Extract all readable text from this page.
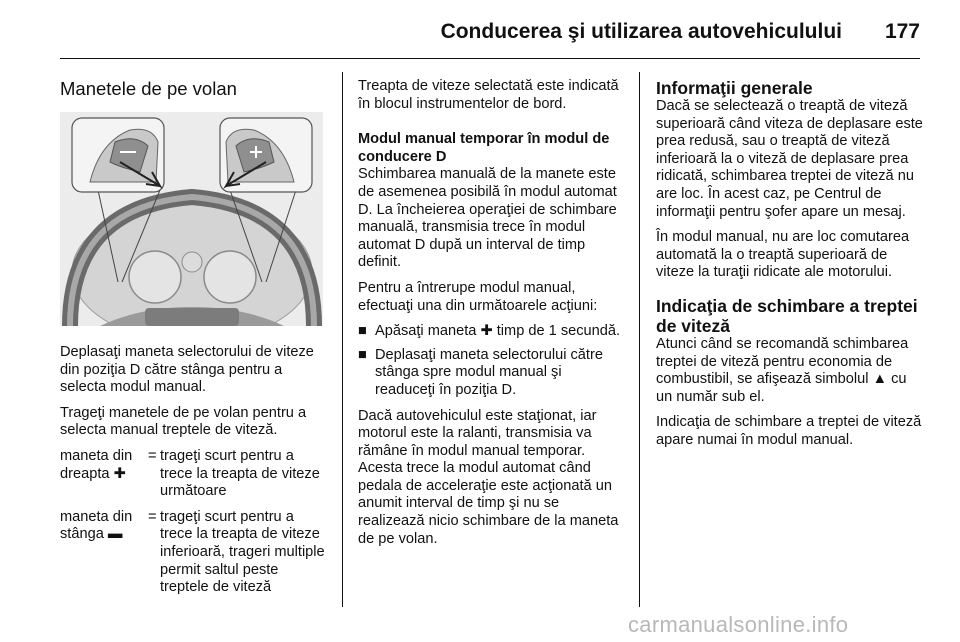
Conducerea şi utilizarea autovehiculului 177
Manetele de pe volan

Deplasaţi maneta selectorului de viteze din poziţia D către stânga pentru a selecta modul manual.

Trageţi manetele de pe volan pentru a selecta manual treptele de viteză.

maneta din dreapta ✚
= trageţi scurt pentru a trece la treapta de viteze următoare
maneta din stânga ▬
= trageţi scurt pentru a trece la treapta de viteze inferioară, trageri multiple permit saltul peste treptele de viteză

Treapta de viteze selectată este indicată în blocul instrumentelor de bord.

Modul manual temporar în modul de conducere D

Schimbarea manuală de la manete este de asemenea posibilă în modul automat D. La încheierea operaţiei de schimbare manuală, transmisia trece în modul automat D după un interval de timp definit.

Pentru a întrerupe modul manual, efectuaţi una din următoarele acţiuni:

■ Apăsaţi maneta ✚ timp de 1 secundă.
■ Deplasaţi maneta selectorului către stânga spre modul manual şi readuceţi în poziţia D.

Dacă autovehiculul este staţionat, iar motorul este la ralanti, transmisia va rămâne în modul manual temporar. Acesta trece la modul automat când pedala de acceleraţie este acţionată un anumit interval de timp şi nu se realizează nicio schimbare de la maneta de pe volan.

Informaţii generale

Dacă se selectează o treaptă de viteză superioară când viteza de deplasare este prea redusă, sau o treaptă de viteză inferioară la o viteză de deplasare prea ridicată, schimbarea treptei de viteză nu are loc. În acest caz, pe Centrul de informaţii pentru şofer apare un mesaj.

În modul manual, nu are loc comutarea automată la o treaptă superioară de viteze la turaţii ridicate ale motorului.

Indicaţia de schimbare a treptei de viteză

Atunci când se recomandă schimbarea treptei de viteză pentru economia de combustibil, se afişează simbolul ▲ cu un număr sub el.

Indicaţia de schimbare a treptei de viteză apare numai în modul manual.

carmanualsonline.info
